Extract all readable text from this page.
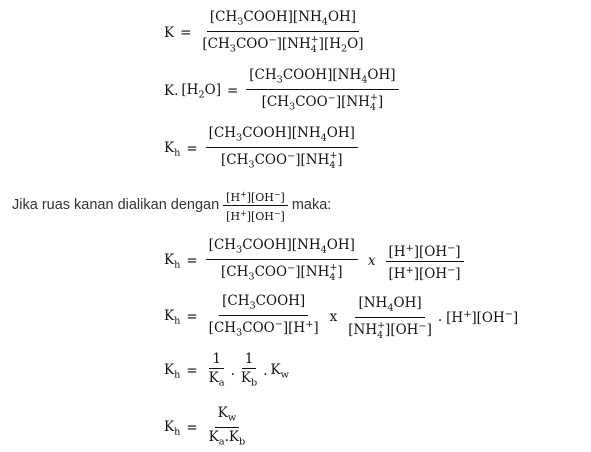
$K = [CH_3COOH][NH_4OH]$
$[CH_3COO^-][NH$ +
4 ]$[H_2O]$
K. $[H_2O]$ = $[CH_3COOH][NH_4OH]$
$[CH_3COO^-][NH$ +
4 ]
$K_h$ = $[CH_3COOH][NH_4OH]$
$[CH_3COO^-][NH$ +
4 ]
Jika ruas kanan dialikan dengan $\frac{[H^+][OH^-]}{[H^+][OH^-]}$ maka:
$K_h$ = $[CH_3COOH][NH_4OH]$
$[CH_3COO^-][NH$ +
4 ] x $\frac{[H^+][OH^-]}{[H^+][OH^-]}$
$K_h = \frac{[CH_3COOH]}{[CH_3COO^-][H^+]}$ x $[NH_4OH]$
[NH +
4 ][OH−] . [H+][OH−]
$K_h = \frac{1}{K_a}$ . $\frac{1}{K_b}$ . $K_w$
$K_h = \frac{K_w}{K_a.K_b}$
